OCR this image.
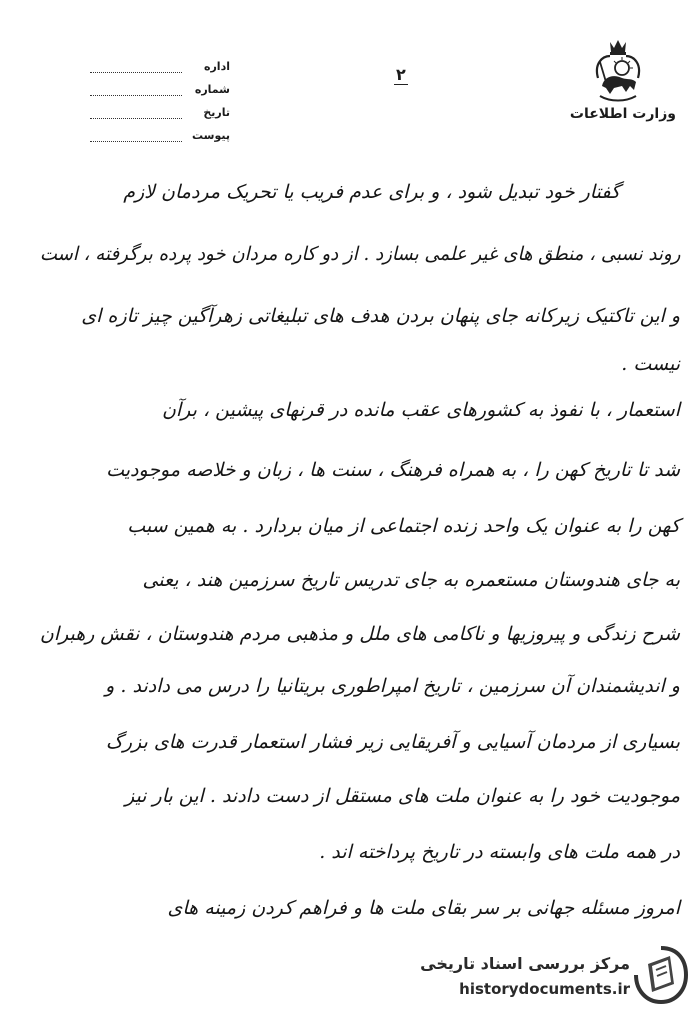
وزارت اطلاعات
۲
اداره
شماره
تاریخ
پیوست
گفتار خود تبدیل شود ، و برای عدم فریب یا تحریک مردمان لازم
روند نسبی ، منطق های غیر علمی بسازد . از دو کاره مردان خود پرده برگرفته ، است
و این تاکتیک زیرکانه جای پنهان بردن هدف های تبلیغاتی زهرآگین چیز تازه ای
نیست .
استعمار ، با نفوذ به کشورهای عقب مانده در قرنهای پیشین ، برآن
شد تا تاریخ کهن را ، به همراه فرهنگ ، سنت ها ، زبان و خلاصه موجودیت
کهن را به عنوان یک واحد زنده اجتماعی از میان بردارد . به همین سبب
به جای هندوستان مستعمره به جای تدریس تاریخ سرزمین هند ، یعنی
شرح زندگی و پیروزیها و ناکامی های ملل و مذهبی مردم هندوستان ، نقش رهبران
و اندیشمندان آن سرزمین ، تاریخ امپراطوری بریتانیا را درس می دادند . و
بسیاری از مردمان آسیایی و آفریقایی زیر فشار استعمار قدرت های بزرگ
موجودیت خود را به عنوان ملت های مستقل از دست دادند . این بار نیز
در همه ملت های وابسته در تاریخ پرداخته اند .
امروز مسئله جهانی بر سر بقای ملت ها و فراهم کردن زمینه های
مرکز بررسی اسناد تاریخی
historydocuments.ir
